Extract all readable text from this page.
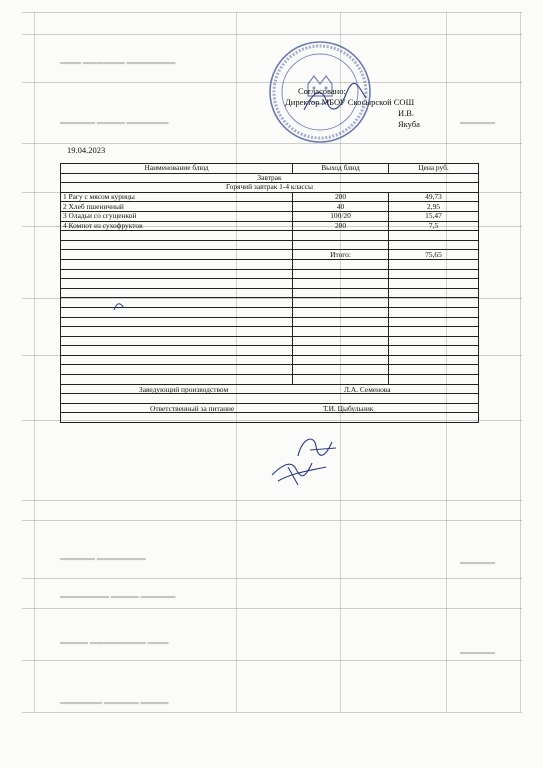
▬▬▬ ▬▬▬▬▬▬ ▬▬▬▬▬▬▬
▬▬▬▬▬ ▬▬▬▬ ▬▬▬▬▬▬
▬▬▬▬▬ ▬▬▬▬▬▬▬
▬▬▬▬▬▬▬ ▬▬▬▬ ▬▬▬▬▬
▬▬▬▬ ▬▬▬▬▬▬▬▬ ▬▬▬
▬▬▬▬▬▬ ▬▬▬▬▬ ▬▬▬▬
▬▬▬▬▬
▬▬▬▬▬
▬▬▬▬▬
Согласовано:
Директор МБОУ Скосырской СОШ
И.В. Якуба
19.04.2023
Наименование блюд	Выход блюд	Цена руб.
Завтрак		
Горячий завтрак 1-4 классы		
1 Рагу с мясом курицы	200	49,73
2 Хлеб пшеничный	40	2,95
3 Оладьи со сгущенкой	100/20	15,47
4 Компот из сухофруктов	200	7,5

	Итого:	75,65

Заведующий производством Л.А. Семенова		

Ответственный за питание Т.И. Цыбульник		
